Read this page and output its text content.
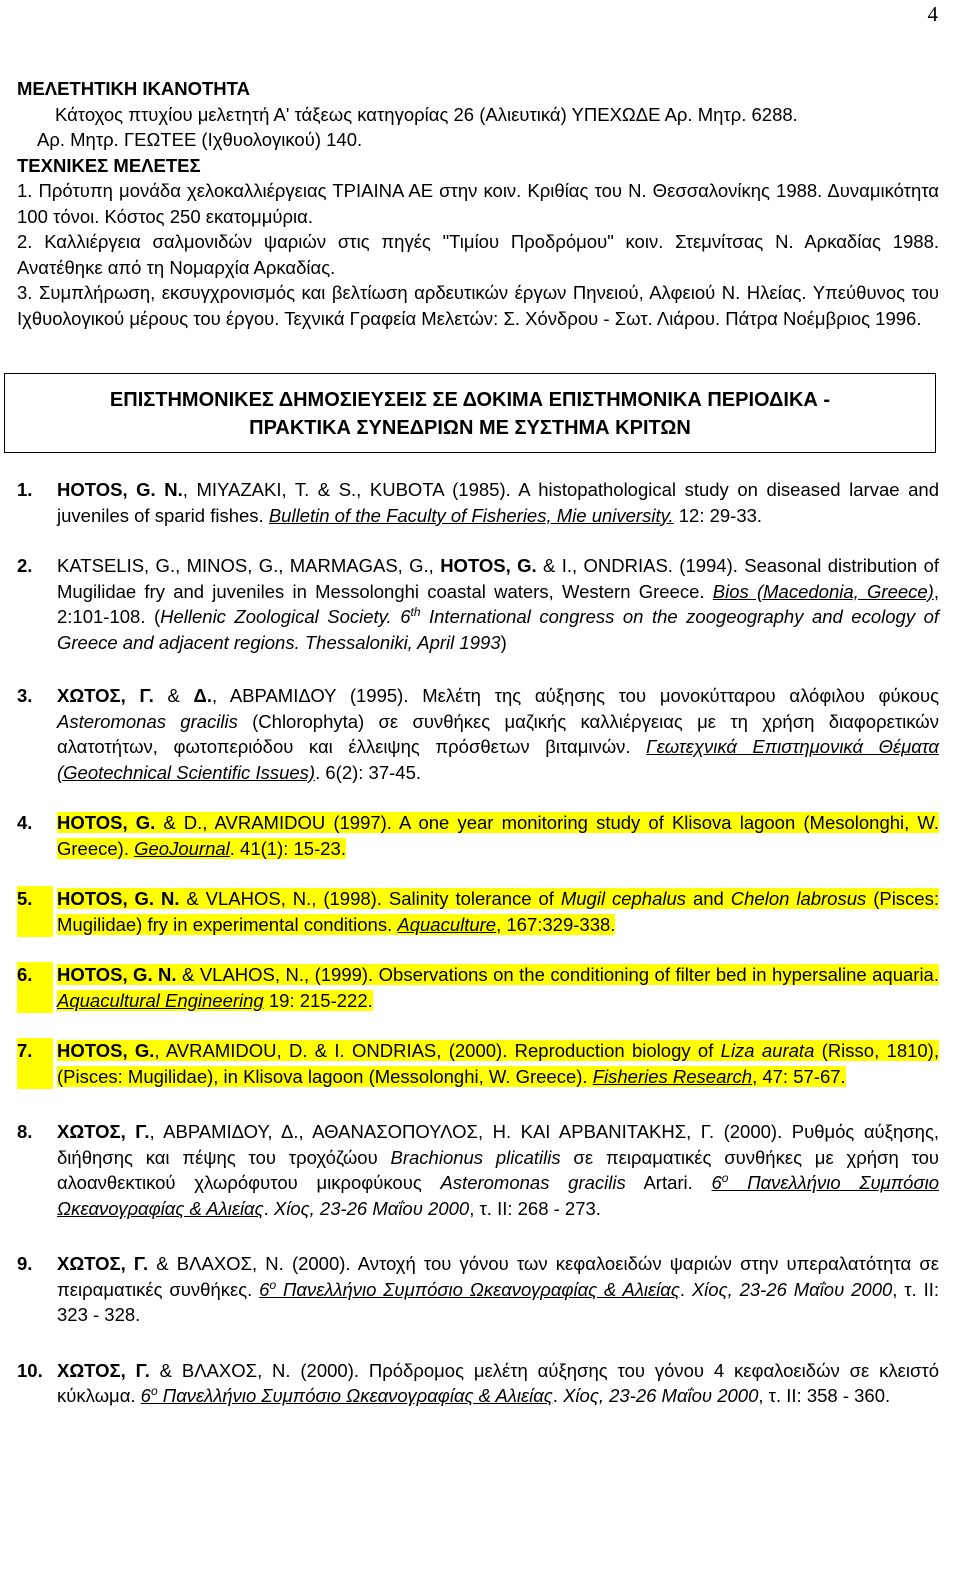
4
ΜΕΛΕΤΗΤΙΚΗ ΙΚΑΝΟΤΗΤΑ
Κάτοχος πτυχίου μελετητή Α' τάξεως κατηγορίας 26 (Αλιευτικά) ΥΠΕΧΩΔΕ Αρ. Μητρ. 6288.
Αρ. Μητρ. ΓΕΩΤΕΕ (Ιχθυολογικού) 140.
ΤΕΧΝΙΚΕΣ ΜΕΛΕΤΕΣ
1. Πρότυπη μονάδα χελοκαλλιέργειας ΤΡΙΑΙΝΑ ΑΕ στην κοιν. Κριθίας του Ν. Θεσσαλονίκης 1988. Δυναμικότητα 100 τόνοι. Κόστος 250 εκατομμύρια.
2. Καλλιέργεια σαλμονιδών ψαριών στις πηγές "Τιμίου Προδρόμου" κοιν. Στεμνίτσας Ν. Αρκαδίας 1988. Ανατέθηκε από τη Νομαρχία Αρκαδίας.
3. Συμπλήρωση, εκσυγχρονισμός και βελτίωση αρδευτικών έργων Πηνειού, Αλφειού Ν. Ηλείας. Υπεύθυνος του Ιχθυολογικού μέρους του έργου. Τεχνικά Γραφεία Μελετών: Σ. Χόνδρου - Σωτ. Λιάρου. Πάτρα Νοέμβριος 1996.
ΕΠΙΣΤΗΜΟΝΙΚΕΣ ΔΗΜΟΣΙΕΥΣΕΙΣ ΣΕ ΔΟΚΙΜΑ ΕΠΙΣΤΗΜΟΝΙΚΑ ΠΕΡΙΟΔΙΚΑ -
ΠΡΑΚΤΙΚΑ ΣΥΝΕΔΡΙΩΝ ΜΕ ΣΥΣΤΗΜΑ ΚΡΙΤΩΝ
1.	HOTOS, G. N., MIYAZAKI, T. & S., KUBOTA (1985). A histopathological study on diseased larvae and juveniles of sparid fishes. Bulletin of the Faculty of Fisheries, Mie university. 12: 29-33.
2.	KATSELIS, G., MINOS, G., MARMAGAS, G., HOTOS, G. & I., ONDRIAS. (1994). Seasonal distribution of Mugilidae fry and juveniles in Messolonghi coastal waters, Western Greece. Bios (Macedonia, Greece), 2:101-108. (Hellenic Zoological Society. 6th International congress on the zoogeography and ecology of Greece and adjacent regions. Thessaloniki, April 1993)
3.	ΧΩΤΟΣ, Γ. & Δ., ΑΒΡΑΜΙΔΟΥ (1995). Μελέτη της αύξησης του μονοκύτταρου αλόφιλου φύκους Asteromonas gracilis (Chlorophyta) σε συνθήκες μαζικής καλλιέργειας με τη χρήση διαφορετικών αλατοτήτων, φωτοπεριόδου και έλλειψης πρόσθετων βιταμινών. Γεωτεχνικά Επιστημονικά Θέματα (Geotechnical Scientific Issues). 6(2): 37-45.
4.	HOTOS, G. & D., AVRAMIDOU (1997). A one year monitoring study of Klisova lagoon (Mesolonghi, W. Greece). GeoJournal. 41(1): 15-23.
5.	HOTOS, G. N. & VLAHOS, N., (1998). Salinity tolerance of Mugil cephalus and Chelon labrosus (Pisces: Mugilidae) fry in experimental conditions. Aquaculture, 167:329-338.
6.	HOTOS, G. N. & VLAHOS, N., (1999). Observations on the conditioning of filter bed in hypersaline aquaria. Aquacultural Engineering 19: 215-222.
7.	HOTOS, G., AVRAMIDOU, D. & I. ONDRIAS, (2000). Reproduction biology of Liza aurata (Risso, 1810), (Pisces: Mugilidae), in Klisova lagoon (Messolonghi, W. Greece). Fisheries Research, 47: 57-67.
8.	ΧΩΤΟΣ, Γ., ΑΒΡΑΜΙΔΟΥ, Δ., ΑΘΑΝΑΣΟΠΟΥΛΟΣ, Η. ΚΑΙ ΑΡΒΑΝΙΤΑΚΗΣ, Γ. (2000). Ρυθμός αύξησης, διήθησης και πέψης του τροχόζώου Brachionus plicatilis σε πειραματικές συνθήκες με χρήση του αλοανθεκτικού χλωρόφυτου μικροφύκους Asteromonas gracilis Artari. $6^o$ Πανελλήνιο Συμπόσιο Ωκεανογραφίας & Αλιείας. Χίος, 23-26 Μαΐου 2000, τ. ΙΙ: 268 - 273.
9.	ΧΩΤΟΣ, Γ. & ΒΛΑΧΟΣ, Ν. (2000). Αντοχή του γόνου των κεφαλοειδών ψαριών στην υπεραλατότητα σε πειραματικές συνθήκες. $6^o$ Πανελλήνιο Συμπόσιο Ωκεανογραφίας & Αλιείας. Χίος, 23-26 Μαΐου 2000, τ. ΙΙ: 323 - 328.
10. ΧΩΤΟΣ, Γ. & ΒΛΑΧΟΣ, Ν. (2000). Πρόδρομος μελέτη αύξησης του γόνου 4 κεφαλοειδών σε κλειστό κύκλωμα. $6^o$ Πανελλήνιο Συμπόσιο Ωκεανογραφίας & Αλιείας. Χίος, 23-26 Μαΐου 2000, τ. ΙΙ: 358 - 360.
